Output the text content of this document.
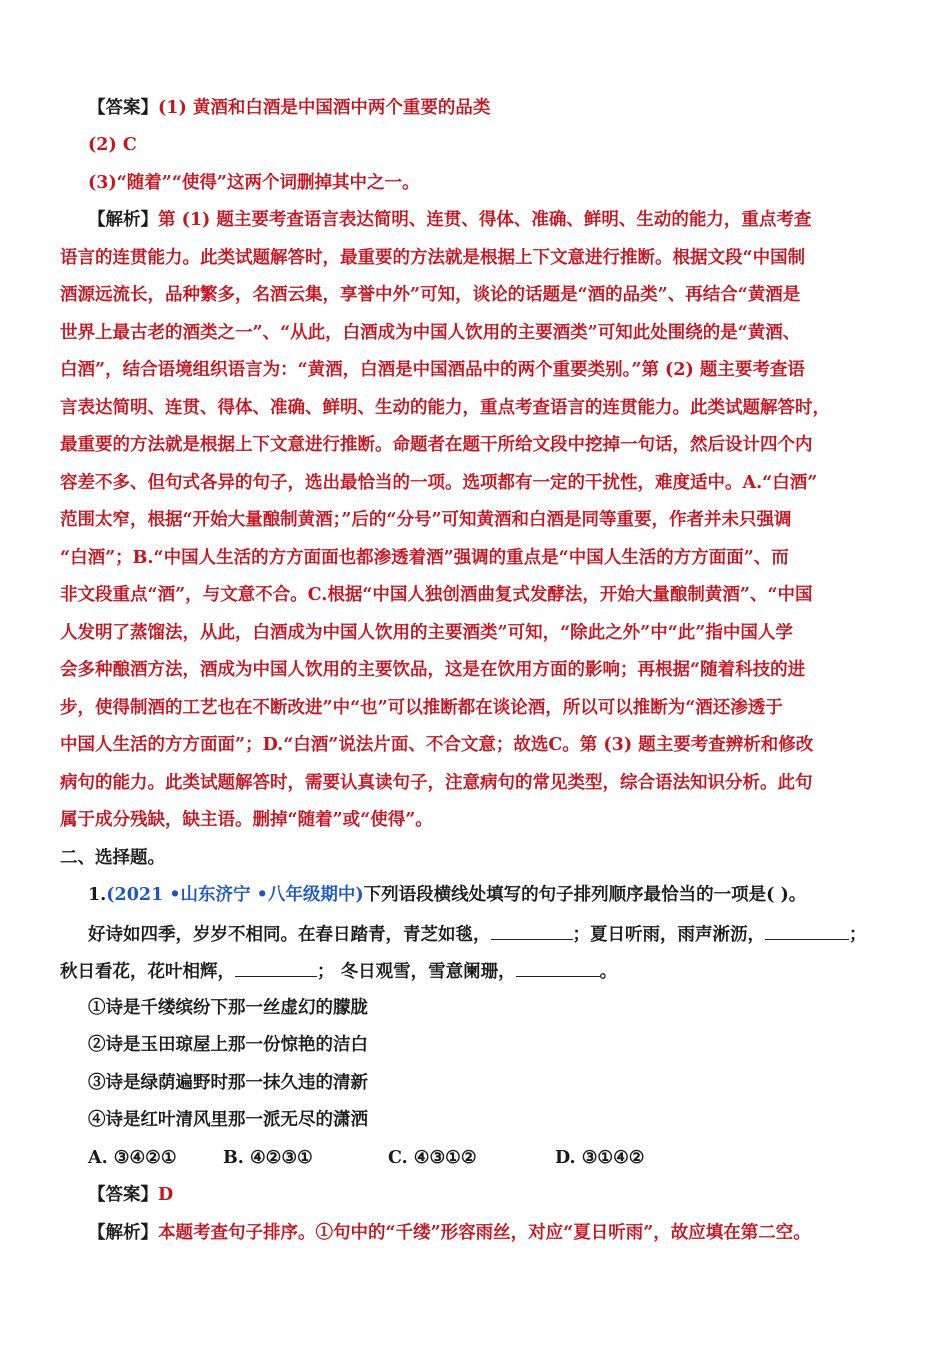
【答案】(1) 黄酒和白酒是中国酒中两个重要的品类
(2) C
(3)“随着”“使得”这两个词删掉其中之一。
【解析】第 (1) 题主要考查语言表达简明、连贯、得体、准确、鲜明、生动的能力，重点考查
语言的连贯能力。此类试题解答时，最重要的方法就是根据上下文意进行推断。根据文段“中国制
酒源远流长，品种繁多，名酒云集，享誉中外”可知，谈论的话题是“酒的品类”、再结合“黄酒是
世界上最古老的酒类之一”、“从此，白酒成为中国人饮用的主要酒类”可知此处围绕的是“黄酒、
白酒”，结合语境组织语言为：“黄酒，白酒是中国酒品中的两个重要类别。”第 (2) 题主要考查语
言表达简明、连贯、得体、准确、鲜明、生动的能力，重点考查语言的连贯能力。此类试题解答时，
最重要的方法就是根据上下文意进行推断。命题者在题干所给文段中挖掉一句话，然后设计四个内
容差不多、但句式各异的句子，选出最恰当的一项。选项都有一定的干扰性，难度适中。A.“白酒”
范围太窄，根据“开始大量酿制黄酒；”后的“分号”可知黄酒和白酒是同等重要，作者并未只强调
“白酒”；B.“中国人生活的方方面面也都渗透着酒”强调的重点是“中国人生活的方方面面”、而
非文段重点“酒”，与文意不合。C.根据“中国人独创酒曲复式发酵法，开始大量酿制黄酒”、“中国
人发明了蒸馏法，从此，白酒成为中国人饮用的主要酒类”可知，“除此之外”中“此”指中国人学
会多种酿酒方法，酒成为中国人饮用的主要饮品，这是在饮用方面的影响；再根据“随着科技的进
步，使得制酒的工艺也在不断改进”中“也”可以推断都在谈论酒，所以可以推断为“酒还渗透于
中国人生活的方方面面”；D.“白酒”说法片面、不合文意；故选C。第 (3) 题主要考查辨析和修改
病句的能力。此类试题解答时，需要认真读句子，注意病句的常见类型，综合语法知识分析。此句
属于成分残缺，缺主语。删掉“随着”或“使得”。
二、选择题。
1.(2021 •山东济宁 •八年级期中)下列语段横线处填写的句子排列顺序最恰当的一项是( )。
好诗如四季，岁岁不相同。在春日踏青，青芝如毯，	；夏日听雨，雨声淅沥，	；
秋日看花，花叶相辉，	； 冬日观雪，雪意阑珊，	。
①诗是千缕缤纷下那一丝虚幻的朦胧
②诗是玉田琼屋上那一份惊艳的洁白
③诗是绿荫遍野时那一抹久违的清新
④诗是红叶清风里那一派无尽的潇洒
A. ③④②①	B. ④②③①	C. ④③①②	D. ③①④②
【答案】D
【解析】本题考查句子排序。①句中的“千缕”形容雨丝，对应“夏日听雨”，故应填在第二空。
